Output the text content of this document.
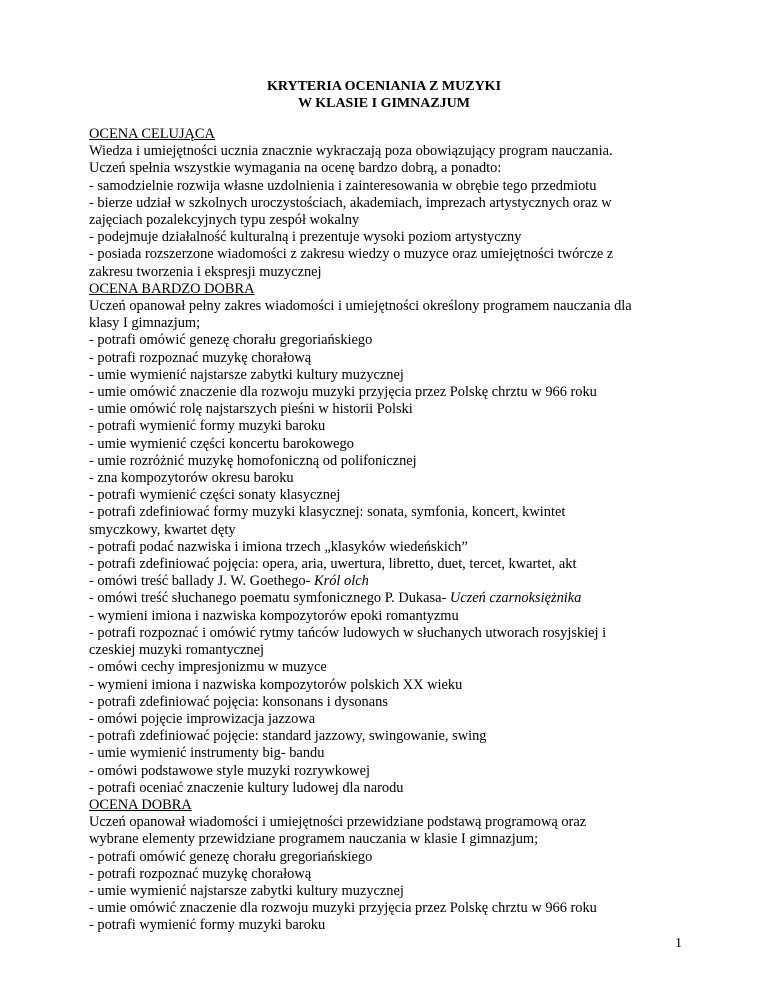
KRYTERIA OCENIANIA Z MUZYKI
W KLASIE I GIMNAZJUM

OCENA CELUJĄCA

Wiedza i umiejętności ucznia znacznie wykraczają poza obowiązujący program nauczania.

Uczeń spełnia wszystkie wymagania na ocenę bardzo dobrą, a ponadto:

- samodzielnie rozwija własne uzdolnienia i zainteresowania w obrębie tego przedmiotu

- bierze udział w szkolnych uroczystościach, akademiach, imprezach artystycznych oraz w

zajęciach pozalekcyjnych typu zespół wokalny

- podejmuje działalność kulturalną i prezentuje wysoki poziom artystyczny

- posiada rozszerzone wiadomości z zakresu wiedzy o muzyce oraz umiejętności twórcze z

zakresu tworzenia i ekspresji muzycznej

OCENA BARDZO DOBRA

Uczeń opanował pełny zakres wiadomości i umiejętności określony programem nauczania dla

klasy I gimnazjum;

- potrafi omówić genezę chorału gregoriańskiego

- potrafi rozpoznać muzykę chorałową

- umie wymienić najstarsze zabytki kultury muzycznej

- umie omówić znaczenie dla rozwoju muzyki przyjęcia przez Polskę chrztu w 966 roku

- umie omówić rolę najstarszych pieśni w historii Polski

- potrafi wymienić formy muzyki baroku

- umie wymienić części koncertu barokowego

- umie rozróżnić muzykę homofoniczną od polifonicznej

- zna kompozytorów okresu baroku

- potrafi wymienić części sonaty klasycznej

- potrafi zdefiniować formy muzyki klasycznej: sonata, symfonia, koncert, kwintet

smyczkowy, kwartet dęty

- potrafi podać nazwiska i imiona trzech „klasyków wiedeńskich”

- potrafi zdefiniować pojęcia: opera, aria, uwertura, libretto, duet, tercet, kwartet, akt

- omówi treść ballady J. W. Goethego- Król olch

- omówi treść słuchanego poematu symfonicznego P. Dukasa- Uczeń czarnoksiężnika

- wymieni imiona i nazwiska kompozytorów epoki romantyzmu

- potrafi rozpoznać i omówić rytmy tańców ludowych w słuchanych utworach rosyjskiej i

czeskiej muzyki romantycznej

- omówi cechy impresjonizmu w muzyce

- wymieni imiona i nazwiska kompozytorów polskich XX wieku

- potrafi zdefiniować pojęcia: konsonans i dysonans

- omówi pojęcie improwizacja jazzowa

- potrafi zdefiniować pojęcie: standard jazzowy, swingowanie, swing

- umie wymienić instrumenty big- bandu

- omówi podstawowe style muzyki rozrywkowej

- potrafi oceniać znaczenie kultury ludowej dla narodu

OCENA DOBRA

Uczeń opanował wiadomości i umiejętności przewidziane podstawą programową oraz

wybrane elementy przewidziane programem nauczania w klasie I gimnazjum;

- potrafi omówić genezę chorału gregoriańskiego

- potrafi rozpoznać muzykę chorałową

- umie wymienić najstarsze zabytki kultury muzycznej

- umie omówić znaczenie dla rozwoju muzyki przyjęcia przez Polskę chrztu w 966 roku

- potrafi wymienić formy muzyki baroku

1
